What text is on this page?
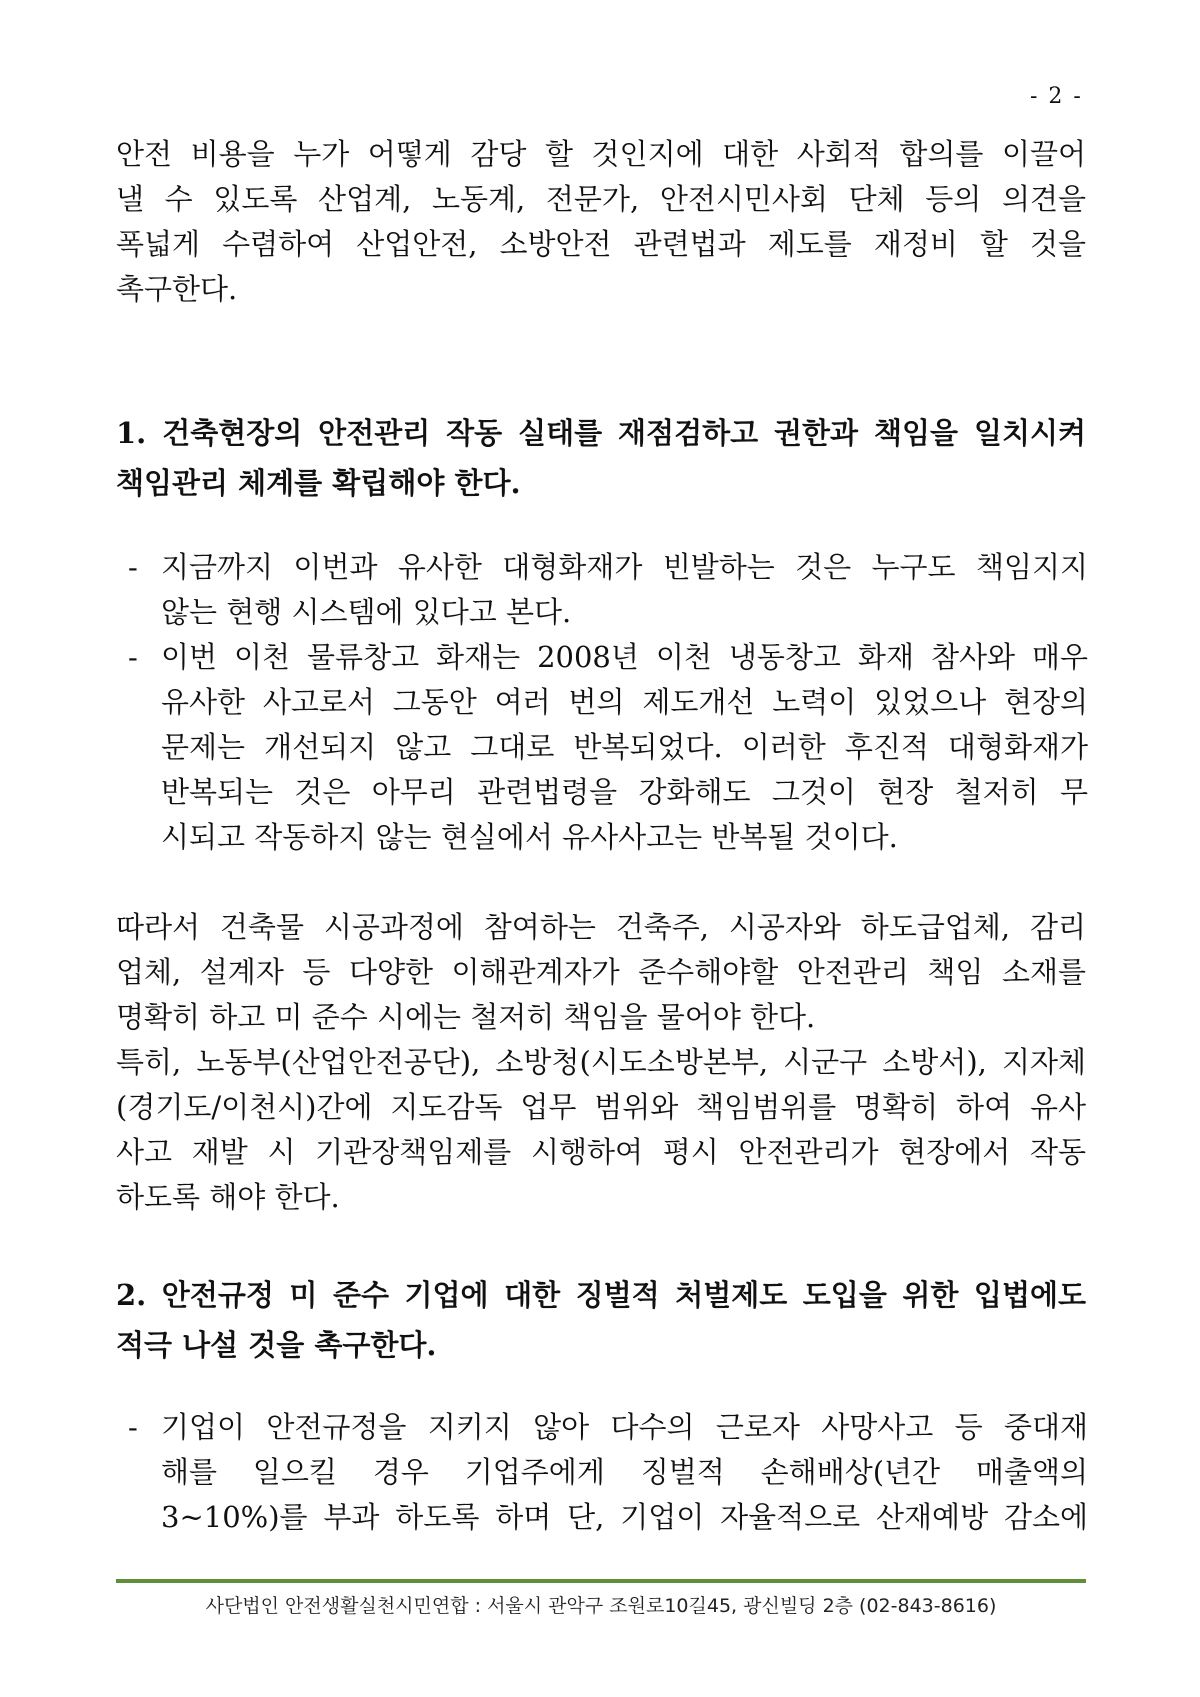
- 2 -
안전 비용을 누가 어떻게 감당 할 것인지에 대한 사회적 합의를 이끌어
낼 수 있도록 산업계, 노동계, 전문가, 안전시민사회 단체 등의 의견을
폭넓게 수렴하여 산업안전, 소방안전 관련법과 제도를 재정비 할 것을
촉구한다.
1. 건축현장의 안전관리 작동 실태를 재점검하고 권한과 책임을 일치시켜
책임관리 체계를 확립해야 한다.
- 지금까지 이번과 유사한 대형화재가 빈발하는 것은 누구도 책임지지
않는 현행 시스템에 있다고 본다.
- 이번 이천 물류창고 화재는 2008년 이천 냉동창고 화재 참사와 매우
유사한 사고로서 그동안 여러 번의 제도개선 노력이 있었으나 현장의
문제는 개선되지 않고 그대로 반복되었다. 이러한 후진적 대형화재가
반복되는 것은 아무리 관련법령을 강화해도 그것이 현장 철저히 무
시되고 작동하지 않는 현실에서 유사사고는 반복될 것이다.
따라서 건축물 시공과정에 참여하는 건축주, 시공자와 하도급업체, 감리
업체, 설계자 등 다양한 이해관계자가 준수해야할 안전관리 책임 소재를
명확히 하고 미 준수 시에는 철저히 책임을 물어야 한다.
특히, 노동부(산업안전공단), 소방청(시도소방본부, 시군구 소방서), 지자체
(경기도/이천시)간에 지도감독 업무 범위와 책임범위를 명확히 하여 유사
사고 재발 시 기관장책임제를 시행하여 평시 안전관리가 현장에서 작동
하도록 해야 한다.
2. 안전규정 미 준수 기업에 대한 징벌적 처벌제도 도입을 위한 입법에도
적극 나설 것을 촉구한다.
- 기업이 안전규정을 지키지 않아 다수의 근로자 사망사고 등 중대재
해를 일으킬 경우 기업주에게 징벌적 손해배상(년간 매출액의
3~10%)를 부과 하도록 하며 단, 기업이 자율적으로 산재예방 감소에
사단법인 안전생활실천시민연합 : 서울시 관악구 조원로10길45, 광신빌딩 2층 (02-843-8616)
